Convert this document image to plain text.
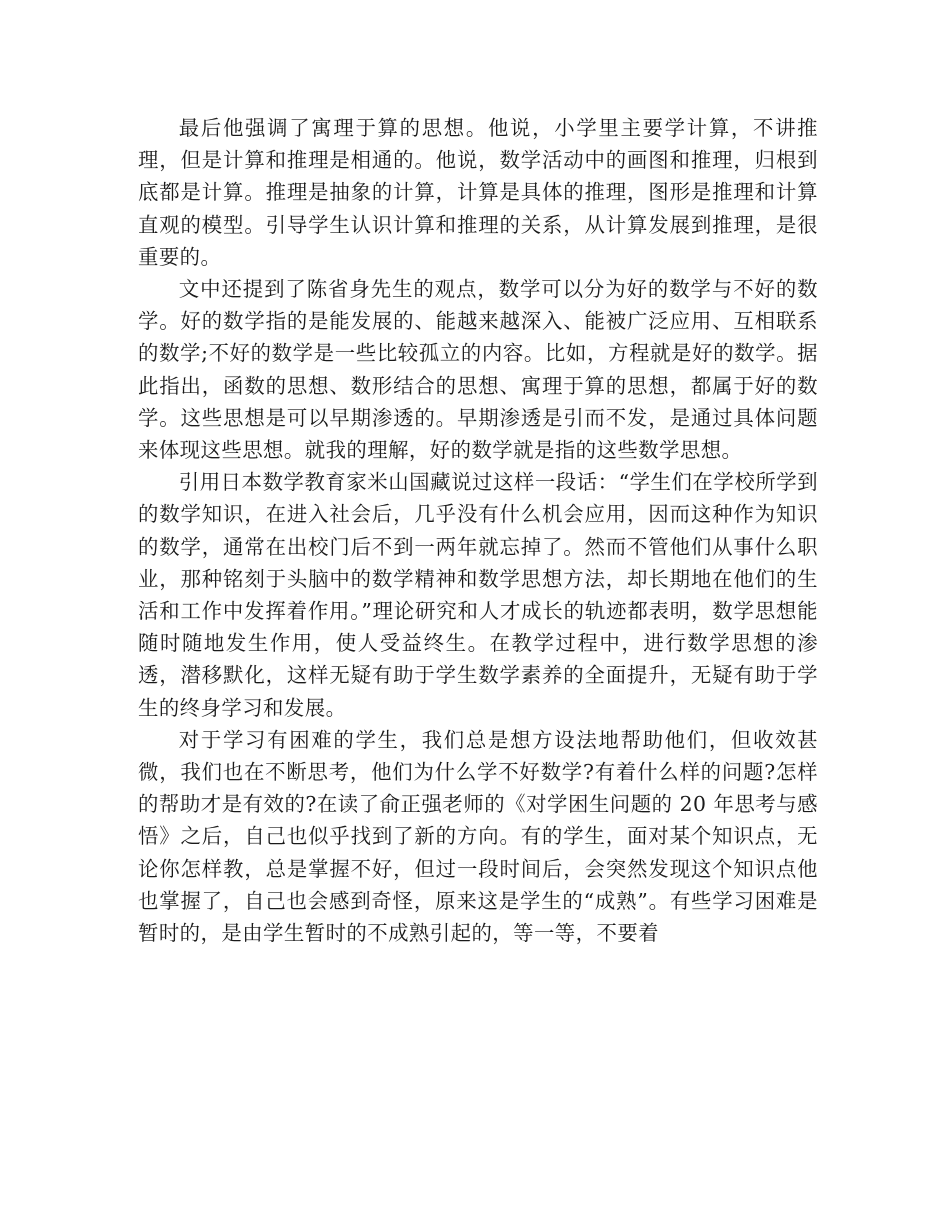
最后他强调了寓理于算的思想。他说，小学里主要学计算，不讲推理，但是计算和推理是相通的。他说，数学活动中的画图和推理，归根到底都是计算。推理是抽象的计算，计算是具体的推理，图形是推理和计算直观的模型。引导学生认识计算和推理的关系，从计算发展到推理，是很重要的。

文中还提到了陈省身先生的观点，数学可以分为好的数学与不好的数学。好的数学指的是能发展的、能越来越深入、能被广泛应用、互相联系的数学;不好的数学是一些比较孤立的内容。比如，方程就是好的数学。据此指出，函数的思想、数形结合的思想、寓理于算的思想，都属于好的数学。这些思想是可以早期渗透的。早期渗透是引而不发，是通过具体问题来体现这些思想。就我的理解，好的数学就是指的这些数学思想。

引用日本数学教育家米山国藏说过这样一段话：“学生们在学校所学到的数学知识，在进入社会后，几乎没有什么机会应用，因而这种作为知识的数学，通常在出校门后不到一两年就忘掉了。然而不管他们从事什么职业，那种铭刻于头脑中的数学精神和数学思想方法，却长期地在他们的生活和工作中发挥着作用。”理论研究和人才成长的轨迹都表明，数学思想能随时随地发生作用，使人受益终生。在教学过程中，进行数学思想的渗透，潜移默化，这样无疑有助于学生数学素养的全面提升，无疑有助于学生的终身学习和发展。

对于学习有困难的学生，我们总是想方设法地帮助他们，但收效甚微，我们也在不断思考，他们为什么学不好数学?有着什么样的问题?怎样的帮助才是有效的?在读了俞正强老师的《对学困生问题的 20 年思考与感悟》之后，自己也似乎找到了新的方向。有的学生，面对某个知识点，无论你怎样教，总是掌握不好，但过一段时间后，会突然发现这个知识点他也掌握了，自己也会感到奇怪，原来这是学生的“成熟”。有些学习困难是暂时的，是由学生暂时的不成熟引起的，等一等，不要着
